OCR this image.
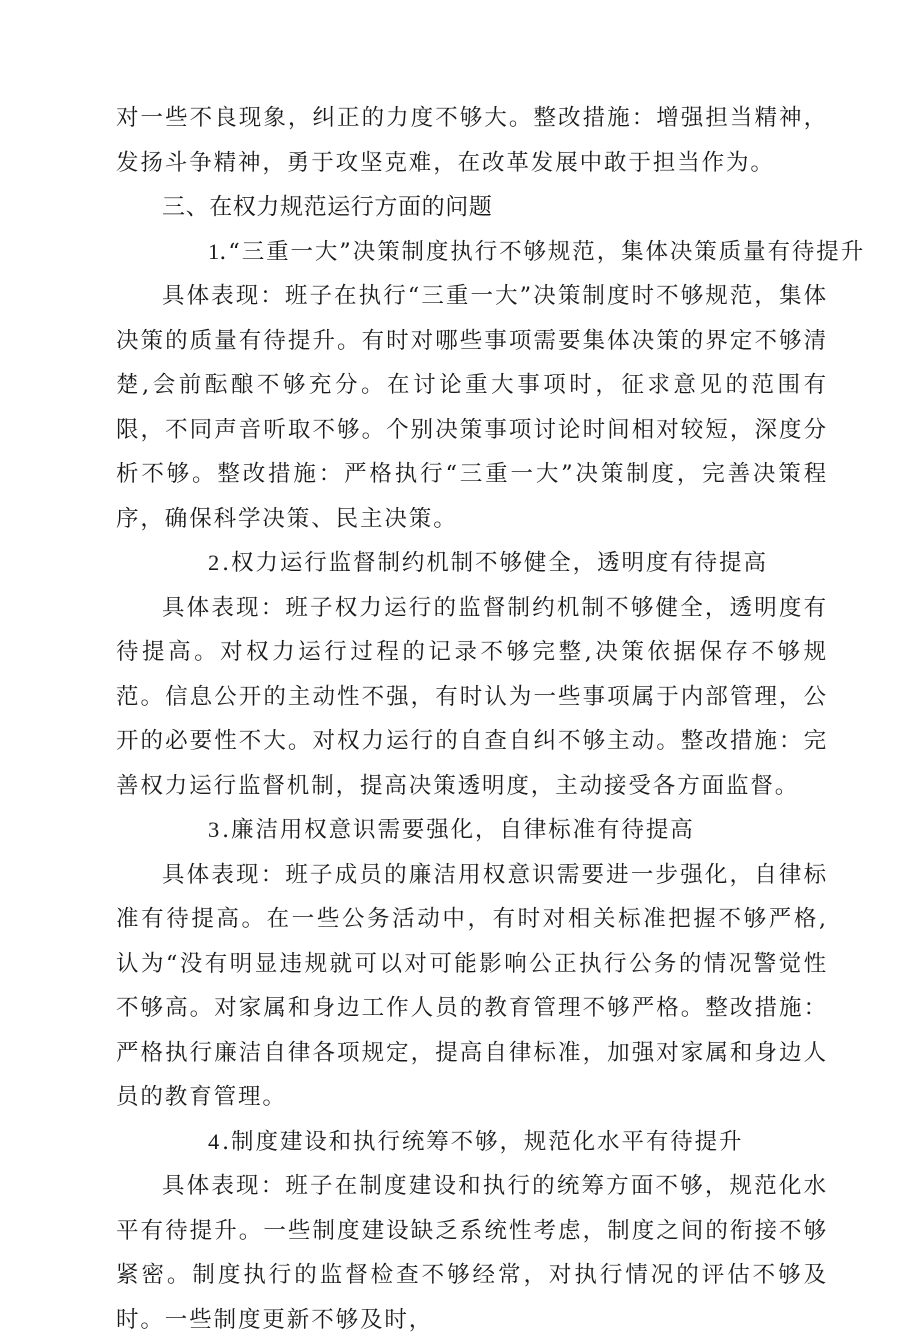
对一些不良现象，纠正的力度不够大。整改措施：增强担当精神，发扬斗争精神，勇于攻坚克难，在改革发展中敢于担当作为。

三、在权力规范运行方面的问题

1.“三重一大”决策制度执行不够规范，集体决策质量有待提升

具体表现：班子在执行“三重一大”决策制度时不够规范，集体决策的质量有待提升。有时对哪些事项需要集体决策的界定不够清楚,会前酝酿不够充分。在讨论重大事项时，征求意见的范围有限，不同声音听取不够。个别决策事项讨论时间相对较短，深度分析不够。整改措施：严格执行“三重一大”决策制度，完善决策程序，确保科学决策、民主决策。

2 .权力运行监督制约机制不够健全，透明度有待提高

具体表现：班子权力运行的监督制约机制不够健全，透明度有待提高。对权力运行过程的记录不够完整,决策依据保存不够规范。信息公开的主动性不强，有时认为一些事项属于内部管理，公开的必要性不大。对权力运行的自查自纠不够主动。整改措施：完善权力运行监督机制，提高决策透明度，主动接受各方面监督。

3 .廉洁用权意识需要强化，自律标准有待提高

具体表现：班子成员的廉洁用权意识需要进一步强化，自律标准有待提高。在一些公务活动中，有时对相关标准把握不够严格,认为“没有明显违规就可以对可能影响公正执行公务的情况警觉性不够高。对家属和身边工作人员的教育管理不够严格。整改措施：严格执行廉洁自律各项规定，提高自律标准，加强对家属和身边人员的教育管理。

4 .制度建设和执行统筹不够，规范化水平有待提升

具体表现：班子在制度建设和执行的统筹方面不够，规范化水平有待提升。一些制度建设缺乏系统性考虑，制度之间的衔接不够紧密。制度执行的监督检查不够经常，对执行情况的评估不够及时。一些制度更新不够及时，
